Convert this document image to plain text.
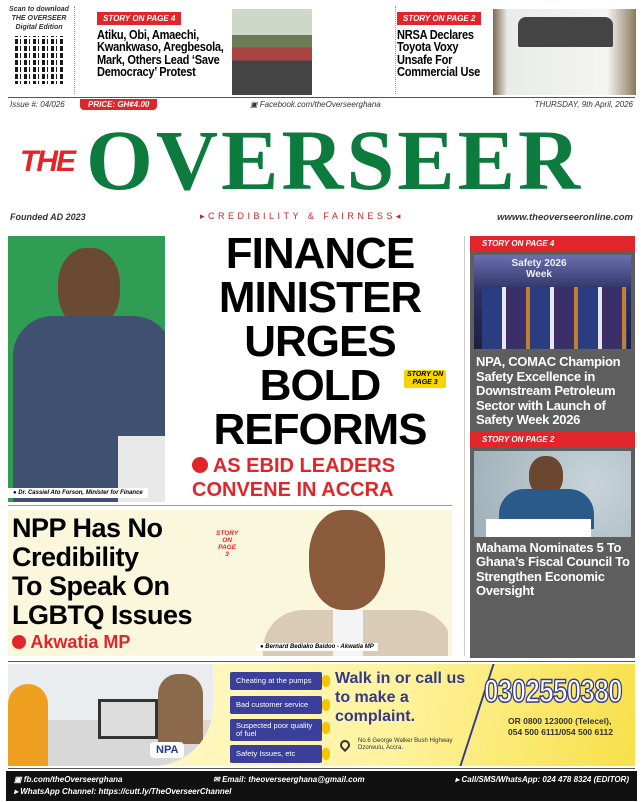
Scan to download
THE OVERSEER
Digital Edition
STORY ON PAGE 4
Atiku, Obi, Amaechi, Kwankwaso, Aregbesola, Mark, Others Lead ‘Save Democracy’ Protest
STORY ON PAGE 2
NRSA Declares Toyota Voxy Unsafe For Commercial Use
Issue #: 04/026	PRICE: GH¢4.00	▣ Facebook.com/theOverseerghana	THURSDAY, 9th April, 2026
THE OVERSEER
Founded AD 2023	▸CREDIBILITY & FAIRNESS◂	wwww.theoverseeronline.com
● Dr. Cassiel Ato Forson, Minister for Finance
FINANCE
MINISTER
URGES
BOLD
REFORMS
STORY ON
PAGE 3
AS EBID LEADERS
CONVENE IN ACCRA
NPP Has No
Credibility
To Speak On
LGBTQ Issues
STORY
ON
PAGE
3
Akwatia MP	● Bernard Bediako Baidoo - Akwatia MP
STORY ON PAGE 4
Safety 2026 Week
NPA, COMAC Champion Safety Excellence in Downstream Petroleum Sector with Launch of Safety Week 2026
STORY ON PAGE 2
Mahama Nominates 5 To Ghana’s Fiscal Council To Strengthen Economic Oversight
NPA
Cheating at the pumps
Bad customer service
Suspected poor quality of fuel
Safety Issues, etc
Walk in or call us to make a complaint.
No.6 George Walker Bush Highway Dzorwulu, Accra.
0302550380
OR 0800 123000 (Telecel),
054 500 6111/054 500 6112
▣ fb.com/theOverseerghana	✉ Email: theoverseerghana@gmail.com	▸ Call/SMS/WhatsApp: 024 478 8324 (EDITOR)
▸ WhatsApp Channel: https://cutt.ly/TheOverseerChannel
